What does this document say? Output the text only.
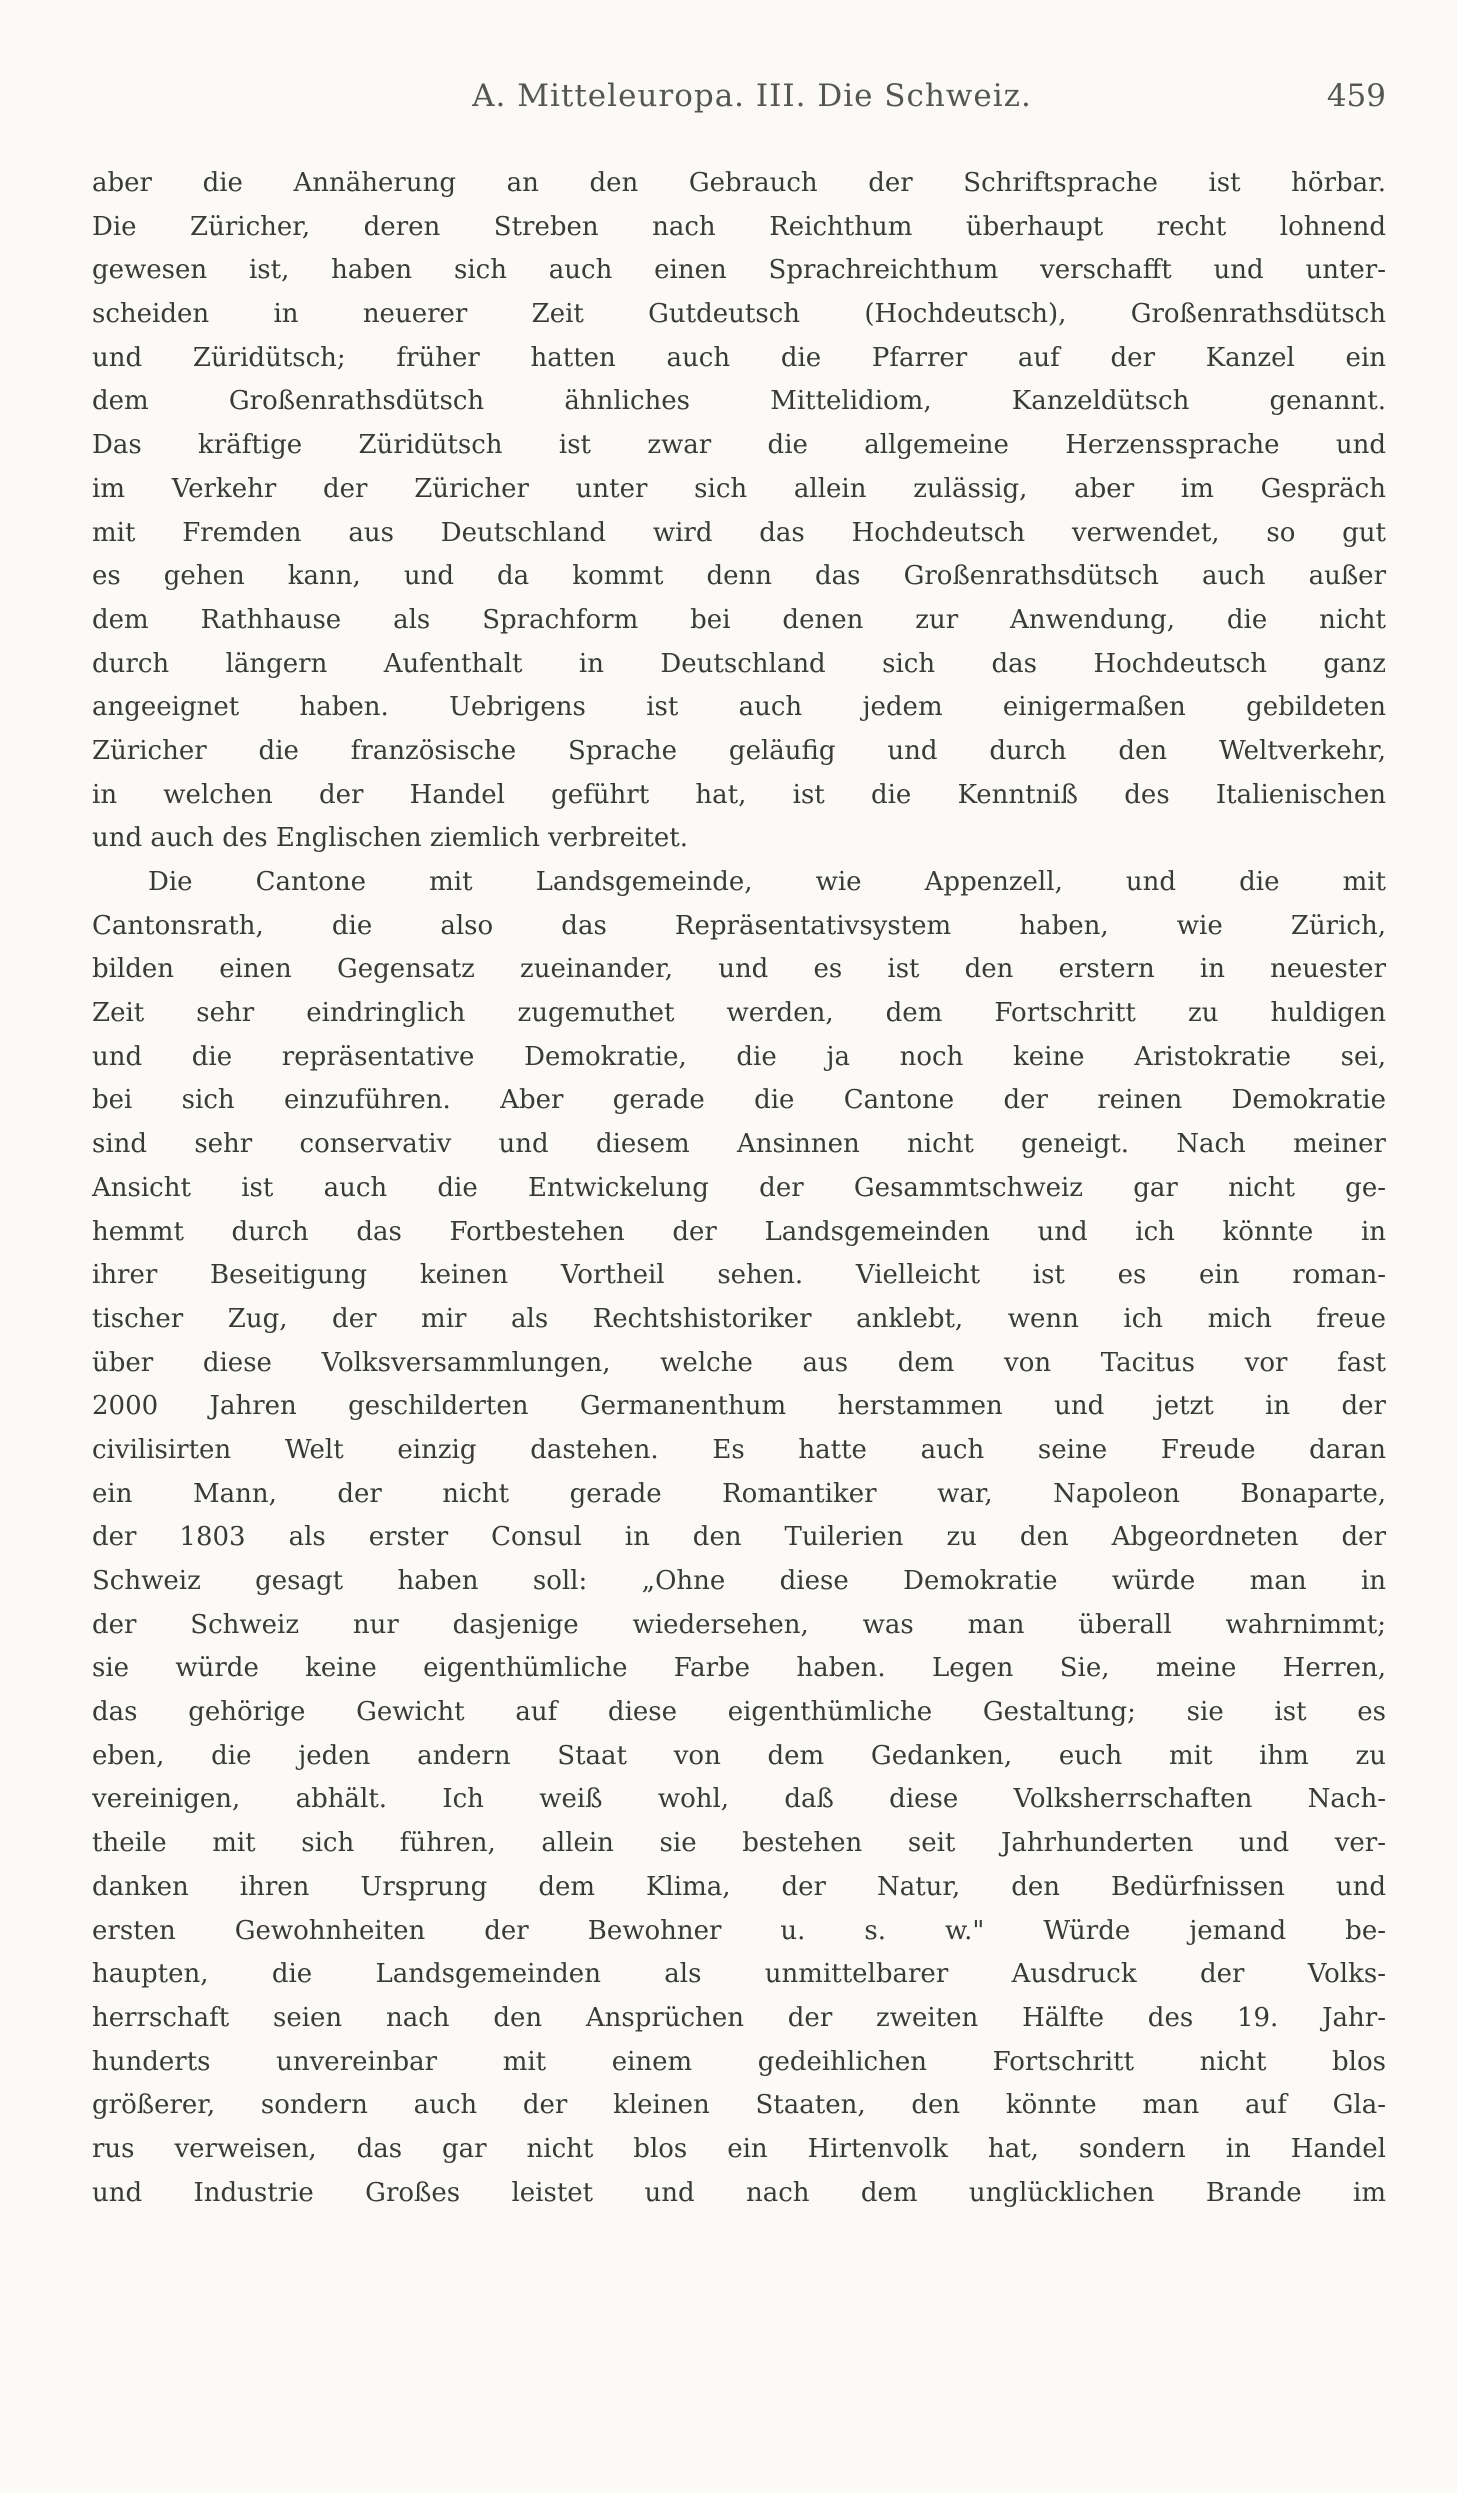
A. Mitteleuropa. III. Die Schweiz.	459
aber die Annäherung an den Gebrauch der Schriftsprache ist hörbar.
Die Züricher, deren Streben nach Reichthum überhaupt recht lohnend
gewesen ist, haben sich auch einen Sprachreichthum verschafft und unter-
scheiden in neuerer Zeit Gutdeutsch (Hochdeutsch), Großenrathsdütsch
und Züridütsch; früher hatten auch die Pfarrer auf der Kanzel ein
dem Großenrathsdütsch ähnliches Mittelidiom, Kanzeldütsch genannt.
Das kräftige Züridütsch ist zwar die allgemeine Herzenssprache und
im Verkehr der Züricher unter sich allein zulässig, aber im Gespräch
mit Fremden aus Deutschland wird das Hochdeutsch verwendet, so gut
es gehen kann, und da kommt denn das Großenrathsdütsch auch außer
dem Rathhause als Sprachform bei denen zur Anwendung, die nicht
durch längern Aufenthalt in Deutschland sich das Hochdeutsch ganz
angeeignet haben. Uebrigens ist auch jedem einigermaßen gebildeten
Züricher die französische Sprache geläufig und durch den Weltverkehr,
in welchen der Handel geführt hat, ist die Kenntniß des Italienischen
und auch des Englischen ziemlich verbreitet.
Die Cantone mit Landsgemeinde, wie Appenzell, und die mit
Cantonsrath, die also das Repräsentativsystem haben, wie Zürich,
bilden einen Gegensatz zueinander, und es ist den erstern in neuester
Zeit sehr eindringlich zugemuthet werden, dem Fortschritt zu huldigen
und die repräsentative Demokratie, die ja noch keine Aristokratie sei,
bei sich einzuführen. Aber gerade die Cantone der reinen Demokratie
sind sehr conservativ und diesem Ansinnen nicht geneigt. Nach meiner
Ansicht ist auch die Entwickelung der Gesammtschweiz gar nicht ge-
hemmt durch das Fortbestehen der Landsgemeinden und ich könnte in
ihrer Beseitigung keinen Vortheil sehen. Vielleicht ist es ein roman-
tischer Zug, der mir als Rechtshistoriker anklebt, wenn ich mich freue
über diese Volksversammlungen, welche aus dem von Tacitus vor fast
2000 Jahren geschilderten Germanenthum herstammen und jetzt in der
civilisirten Welt einzig dastehen. Es hatte auch seine Freude daran
ein Mann, der nicht gerade Romantiker war, Napoleon Bonaparte,
der 1803 als erster Consul in den Tuilerien zu den Abgeordneten der
Schweiz gesagt haben soll: „Ohne diese Demokratie würde man in
der Schweiz nur dasjenige wiedersehen, was man überall wahrnimmt;
sie würde keine eigenthümliche Farbe haben. Legen Sie, meine Herren,
das gehörige Gewicht auf diese eigenthümliche Gestaltung; sie ist es
eben, die jeden andern Staat von dem Gedanken, euch mit ihm zu
vereinigen, abhält. Ich weiß wohl, daß diese Volksherrschaften Nach-
theile mit sich führen, allein sie bestehen seit Jahrhunderten und ver-
danken ihren Ursprung dem Klima, der Natur, den Bedürfnissen und
ersten Gewohnheiten der Bewohner u. s. w." Würde jemand be-
haupten, die Landsgemeinden als unmittelbarer Ausdruck der Volks-
herrschaft seien nach den Ansprüchen der zweiten Hälfte des 19. Jahr-
hunderts unvereinbar mit einem gedeihlichen Fortschritt nicht blos
größerer, sondern auch der kleinen Staaten, den könnte man auf Gla-
rus verweisen, das gar nicht blos ein Hirtenvolk hat, sondern in Handel
und Industrie Großes leistet und nach dem unglücklichen Brande im
